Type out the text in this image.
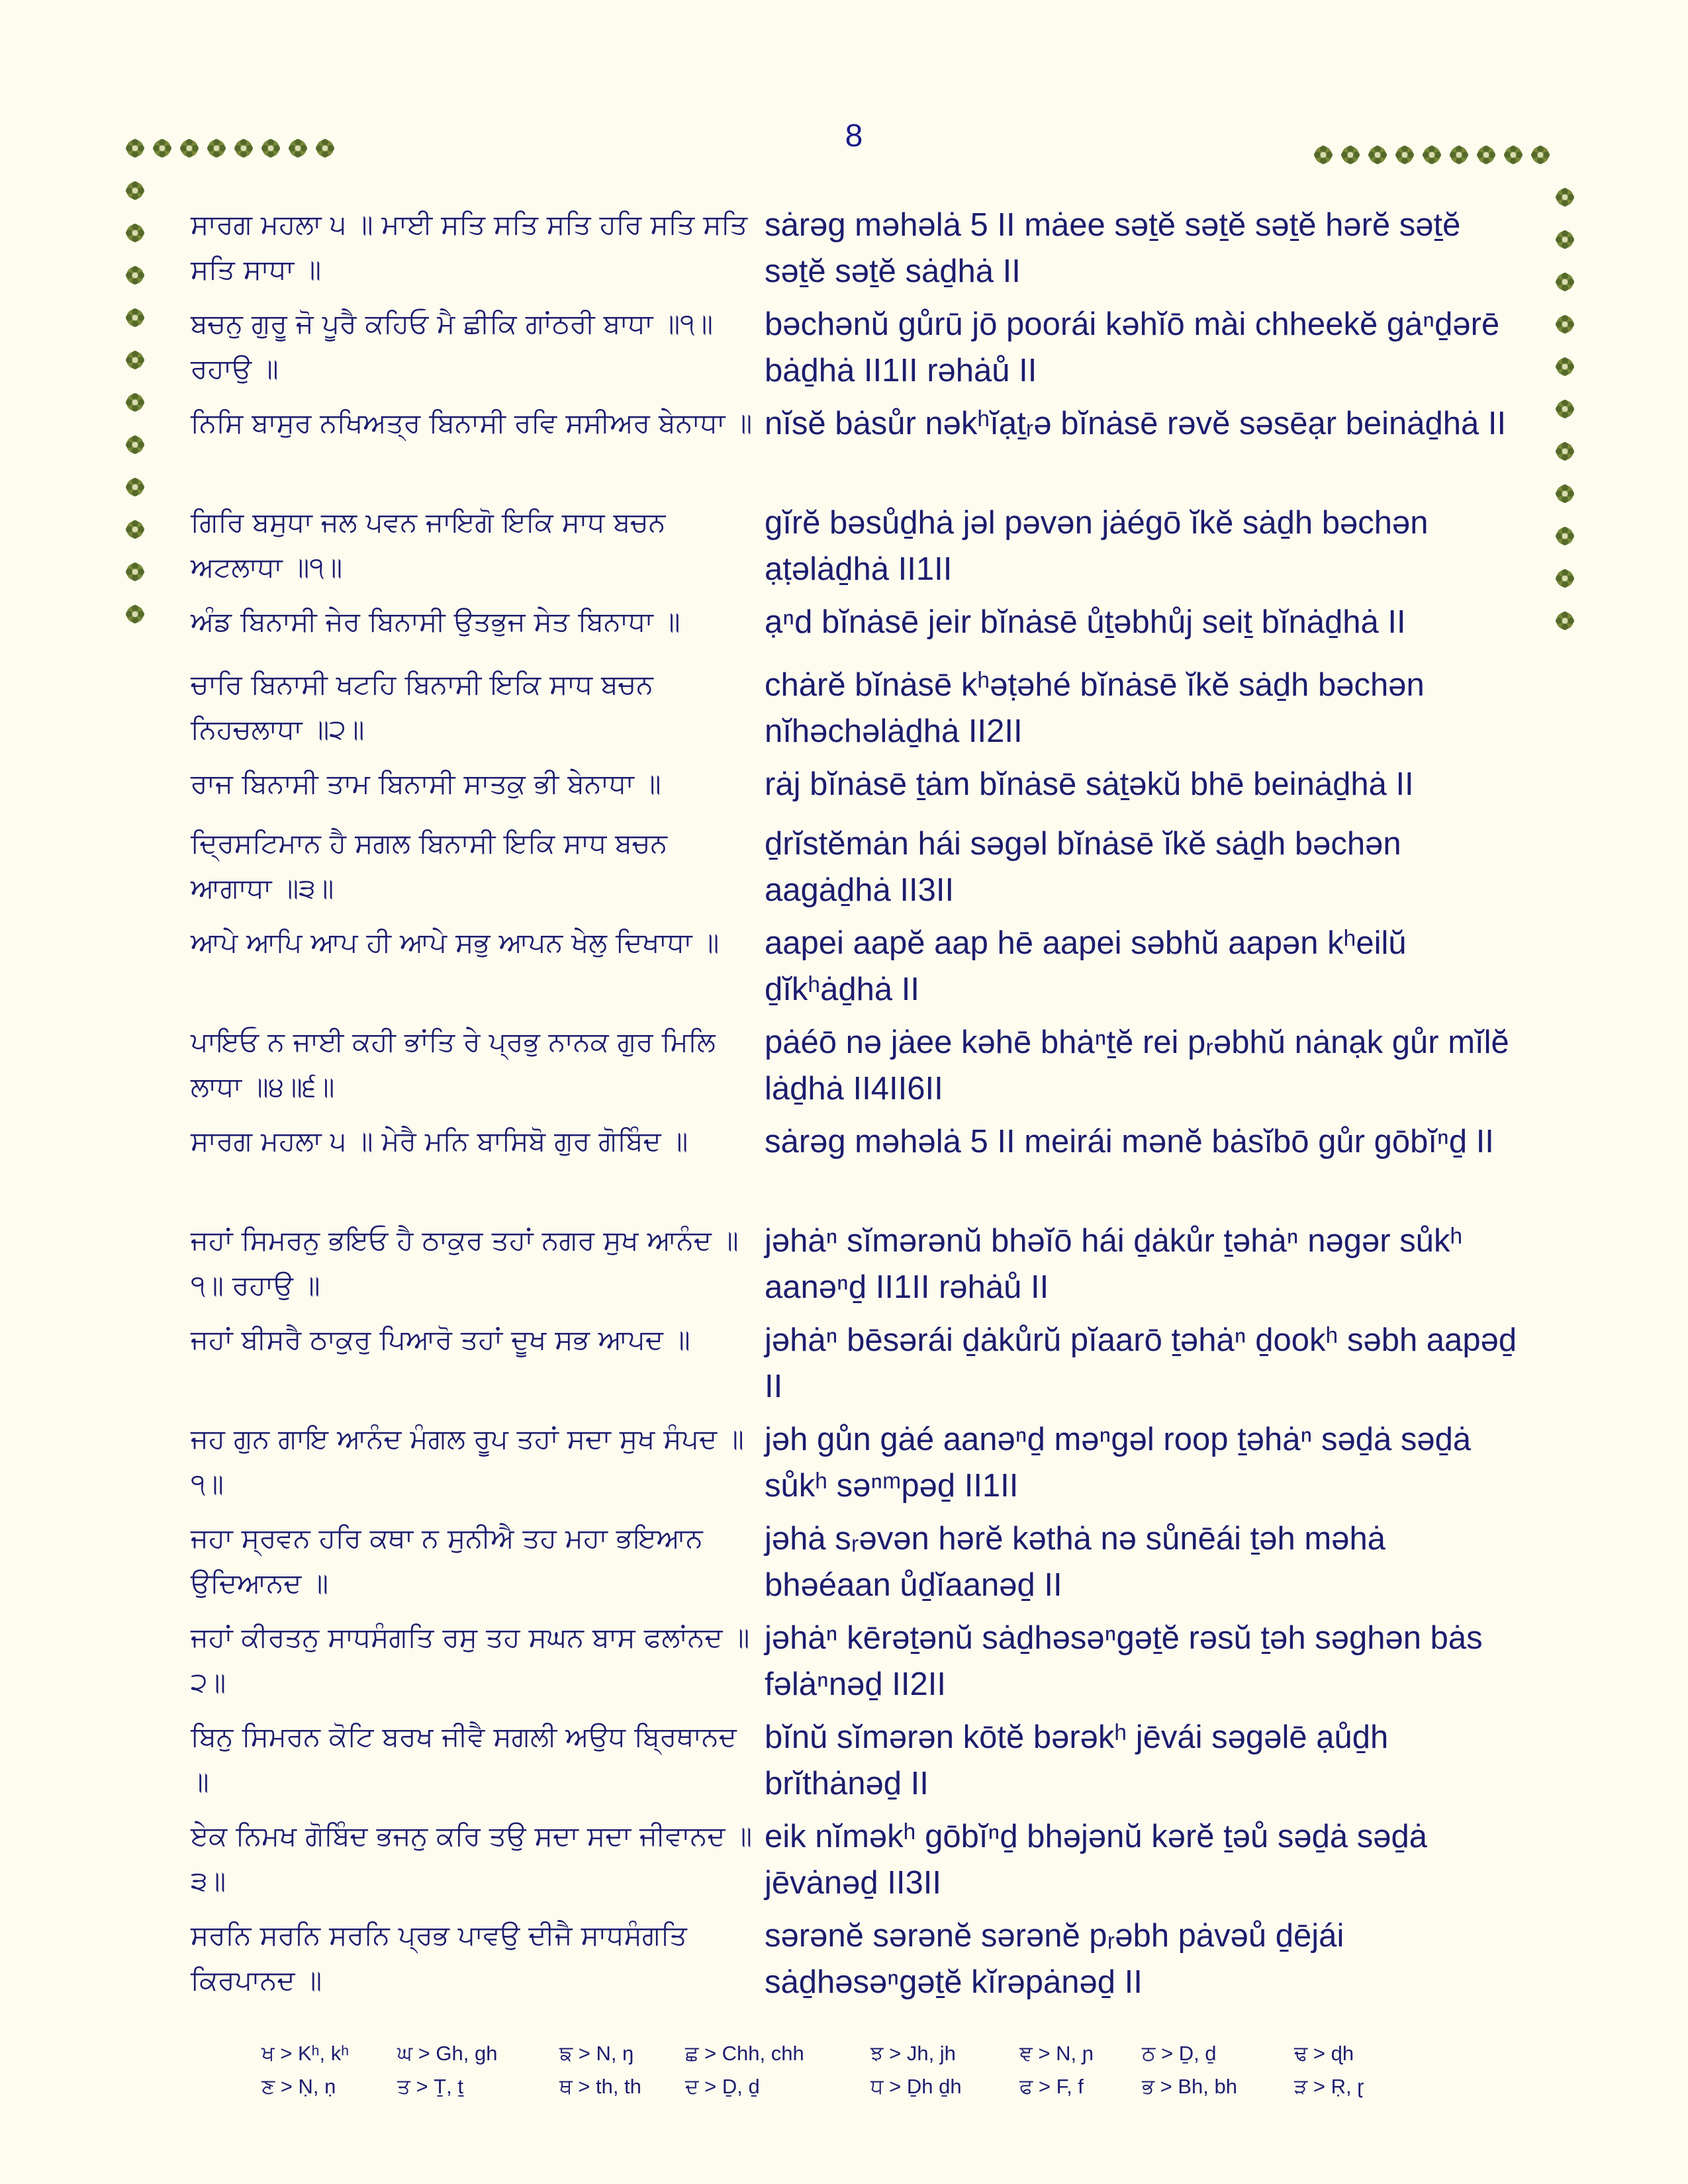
8
ਸਾਰਗ ਮਹਲਾ ੫ ॥ ਮਾਈ ਸਤਿ ਸਤਿ ਸਤਿ ਹਰਿ ਸਤਿ ਸਤਿ ਸਤਿ ਸਾਧਾ ॥
sȧrəg məhəlȧ 5 II mȧee səṯĕ səṯĕ səṯĕ hərĕ səṯĕ səṯĕ səṯĕ sȧḏhȧ II
ਬਚਨੁ ਗੁਰੂ ਜੋ ਪੂਰੈ ਕਹਿਓ ਮੈ ਛੀਕਿ ਗਾਂਠਰੀ ਬਾਧਾ ॥੧॥ ਰਹਾਉ ॥
bəchənŭ gůrū jō poorái kəhĭō mài chheekĕ gȧⁿḏərē bȧḏhȧ II1II rəhȧů II
ਨਿਸਿ ਬਾਸੁਰ ਨਖਿਅਤ੍ਰ ਬਿਨਾਸੀ ਰਵਿ ਸਸੀਅਰ ਬੇਨਾਧਾ ॥ nĭsĕ bȧsůr nəkʰĭạṯᵣə bĭnȧsē rəvĕ səsēạr beinȧḏhȧ II
ਗਿਰਿ ਬਸੁਧਾ ਜਲ ਪਵਨ ਜਾਇਗੋ ਇਕਿ ਸਾਧ ਬਚਨ ਅਟਲਾਧਾ ॥੧॥
gĭrĕ bəsůḏhȧ jəl pəvən jȧégō ĭkĕ sȧḏh bəchən ạṭəlȧḏhȧ II1II
ਅੰਡ ਬਿਨਾਸੀ ਜੇਰ ਬਿਨਾਸੀ ਉਤਭੁਜ ਸੇਤ ਬਿਨਾਧਾ ॥	ạⁿd bĭnȧsē jeir bĭnȧsē ůṯəbhůj seiṯ bĭnȧḏhȧ II
ਚਾਰਿ ਬਿਨਾਸੀ ਖਟਹਿ ਬਿਨਾਸੀ ਇਕਿ ਸਾਧ ਬਚਨ ਨਿਹਚਲਾਧਾ ॥੨॥
chȧrĕ bĭnȧsē kʰəṭəhé bĭnȧsē ĭkĕ sȧḏh bəchən nĭhəchəlȧḏhȧ II2II
ਰਾਜ ਬਿਨਾਸੀ ਤਾਮ ਬਿਨਾਸੀ ਸਾਤਕੁ ਭੀ ਬੇਨਾਧਾ ॥	rȧj bĭnȧsē ṯȧm bĭnȧsē sȧṯəkŭ bhē beinȧḏhȧ II
ਦ੍ਰਿਸਟਿਮਾਨ ਹੈ ਸਗਲ ਬਿਨਾਸੀ ਇਕਿ ਸਾਧ ਬਚਨ ਆਗਾਧਾ ॥੩॥
ḏrĭstĕmȧn hái səgəl bĭnȧsē ĭkĕ sȧḏh bəchən aagȧḏhȧ II3II
ਆਪੇ ਆਪਿ ਆਪ ਹੀ ਆਪੇ ਸਭੁ ਆਪਨ ਖੇਲੁ ਦਿਖਾਧਾ ॥	aapei aapĕ aap hē aapei səbhŭ aapən kʰeilŭ ḏĭkʰȧḏhȧ II
ਪਾਇਓ ਨ ਜਾਈ ਕਹੀ ਭਾਂਤਿ ਰੇ ਪ੍ਰਭੁ ਨਾਨਕ ਗੁਰ ਮਿਲਿ ਲਾਧਾ ॥੪॥੬॥
pȧéō nə jȧee kəhē bhȧⁿṯĕ rei pᵣəbhŭ nȧnạk gůr mĭlĕ lȧḏhȧ II4II6II
ਸਾਰਗ ਮਹਲਾ ੫ ॥ ਮੇਰੈ ਮਨਿ ਬਾਸਿਬੋ ਗੁਰ ਗੋਬਿੰਦ ॥	sȧrəg məhəlȧ 5 II meirái mənĕ bȧsĭbō gůr gōbĭⁿḏ II
ਜਹਾਂ ਸਿਮਰਨੁ ਭਇਓ ਹੈ ਠਾਕੁਰ ਤਹਾਂ ਨਗਰ ਸੁਖ ਆਨੰਦ ॥੧॥ ਰਹਾਉ ॥
jəhȧⁿ sĭmərənŭ bhəĭō hái ḏȧkůr ṯəhȧⁿ nəgər sůkʰ aanəⁿḏ II1II rəhȧů II
ਜਹਾਂ ਬੀਸਰੈ ਠਾਕੁਰੁ ਪਿਆਰੋ ਤਹਾਂ ਦੂਖ ਸਭ ਆਪਦ ॥	jəhȧⁿ bēsərái ḏȧkůrŭ pĭaarō ṯəhȧⁿ ḏookʰ səbh aapəḏ II
ਜਹ ਗੁਨ ਗਾਇ ਆਨੰਦ ਮੰਗਲ ਰੂਪ ਤਹਾਂ ਸਦਾ ਸੁਖ ਸੰਪਦ ॥੧॥
jəh gůn gȧé aanəⁿḏ məⁿgəl roop ṯəhȧⁿ səḏȧ səḏȧ sůkʰ səⁿᵐpəḏ II1II
ਜਹਾ ਸ੍ਰਵਨ ਹਰਿ ਕਥਾ ਨ ਸੁਨੀਐ ਤਹ ਮਹਾ ਭਇਆਨ ਉਦਿਆਨਦ ॥
jəhȧ sᵣəvən hərĕ kəthȧ nə sůnēái ṯəh məhȧ bhəéaan ůḏĭaanəḏ II
ਜਹਾਂ ਕੀਰਤਨੁ ਸਾਧਸੰਗਤਿ ਰਸੁ ਤਹ ਸਘਨ ਬਾਸ ਫਲਾਂਨਦ ॥੨॥
jəhȧⁿ kērəṯənŭ sȧḏhəsəⁿgəṯĕ rəsŭ ṯəh səghən bȧs fəlȧⁿnəḏ II2II
ਬਿਨੁ ਸਿਮਰਨ ਕੋਟਿ ਬਰਖ ਜੀਵੈ ਸਗਲੀ ਅਉਧ ਬ੍ਰਿਥਾਨਦ ॥
bĭnŭ sĭmərən kōtĕ bərəkʰ jēvái səgəlē ạůḏh brĭthȧnəḏ II
ਏਕ ਨਿਮਖ ਗੋਬਿੰਦ ਭਜਨੁ ਕਰਿ ਤਉ ਸਦਾ ਸਦਾ ਜੀਵਾਨਦ ॥੩॥
eik nĭməkʰ gōbĭⁿḏ bhəjənŭ kərĕ ṯəů səḏȧ səḏȧ jēvȧnəḏ II3II
ਸਰਨਿ ਸਰਨਿ ਸਰਨਿ ਪ੍ਰਭ ਪਾਵਉ ਦੀਜੈ ਸਾਧਸੰਗਤਿ ਕਿਰਪਾਨਦ ॥
sərənĕ sərənĕ sərənĕ pᵣəbh pȧvəů ḏējái sȧḏhəsəⁿgəṯĕ kĭrəpȧnəḏ II
ਖ > Kʰ, kʰ ਘ > Gh, gh	ਙ > N, ŋ	ਛ > Chh, chh	ਝ > Jh, jh	ਞ > N, ɲ ਠ > Ḏ, ḏ	ਢ > ɖh
ਣ > Ṇ, ṇ	ਤ > Ṯ, ṯ	ਥ > th, th ਦ > Ḏ, ḏ	ਧ > Ḏh ḏh	ਫ > F, f	ਭ > Bh, bh	ੜ > Ṛ, ɽ
